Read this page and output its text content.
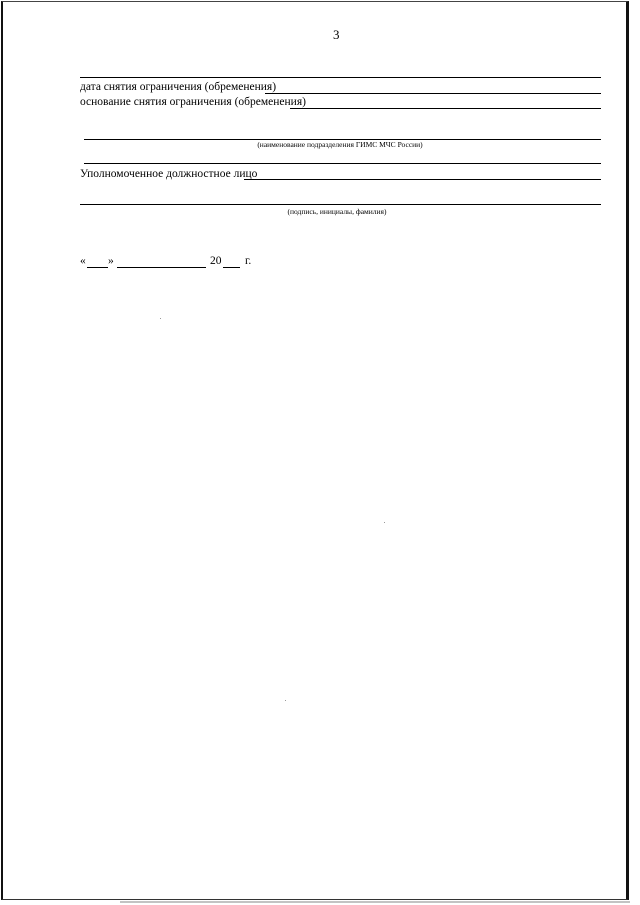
3
дата снятия ограничения (обременения)
основание снятия ограничения (обременения)
(наименование подразделения ГИМС МЧС России)
Уполномоченное должностное лицо
(подпись, инициалы, фамилия)
« »	20 г.
